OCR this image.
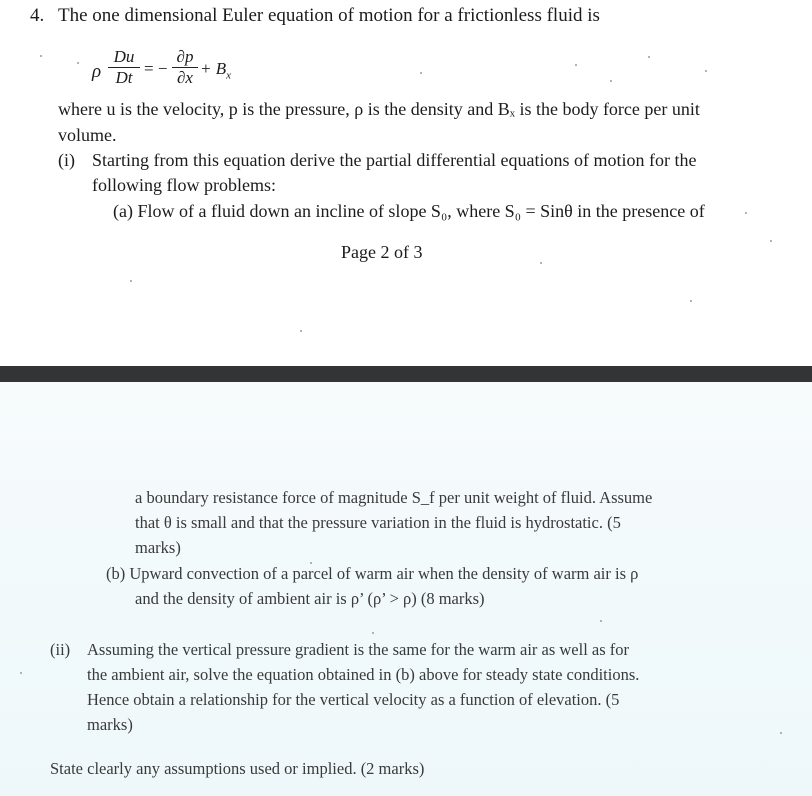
4. The one dimensional Euler equation of motion for a frictionless fluid is
ρ
Du
Dt = −
∂p
$\partial x + B_x$
where u is the velocity, p is the pressure, ρ is the density and Bₓ is the body force per unit
volume.
(i) Starting from this equation derive the partial differential equations of motion for the
following flow problems:
(a) Flow of a fluid down an incline of slope S₀, where S₀ = Sinθ in the presence of
Page 2 of 3
a boundary resistance force of magnitude S_f per unit weight of fluid. Assume
that θ is small and that the pressure variation in the fluid is hydrostatic. (5
marks)
(b) Upward convection of a parcel of warm air when the density of warm air is ρ
and the density of ambient air is ρ’ (ρ’ > ρ) (8 marks)
(ii) Assuming the vertical pressure gradient is the same for the warm air as well as for
the ambient air, solve the equation obtained in (b) above for steady state conditions.
Hence obtain a relationship for the vertical velocity as a function of elevation. (5
marks)
State clearly any assumptions used or implied. (2 marks)
